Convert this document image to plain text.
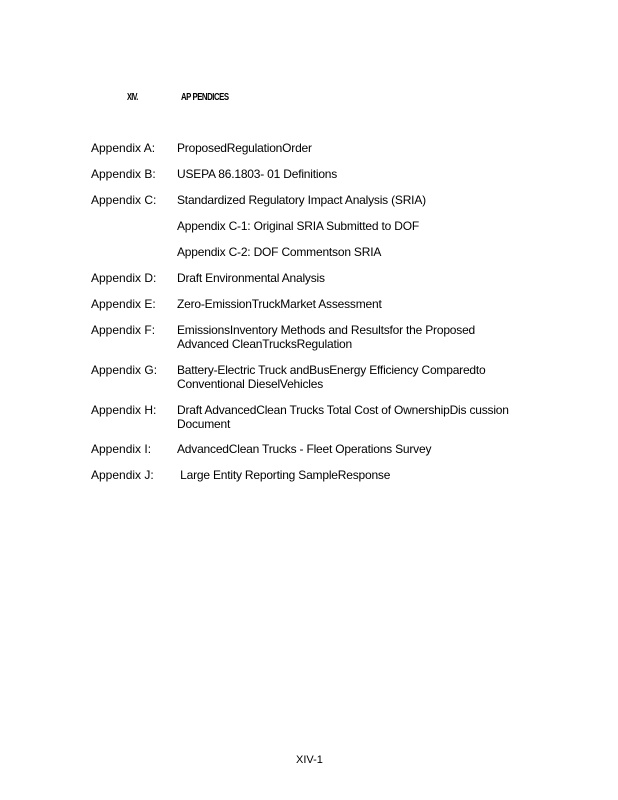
XIV.	AP PENDICES
Appendix A: ProposedRegulationOrder
Appendix B: USEPA 86.1803- 01 Definitions
Appendix C: Standardized Regulatory Impact Analysis (SRIA)
Appendix C-1: Original SRIA Submitted to DOF
Appendix C-2: DOF Commentson SRIA
Appendix D: Draft Environmental Analysis
Appendix E: Zero-EmissionTruckMarket Assessment
Appendix F: EmissionsInventory Methods and Resultsfor the Proposed
Advanced CleanTrucksRegulation
Appendix G: Battery-Electric Truck andBusEnergy Efficiency Comparedto
Conventional DieselVehicles
Appendix H: Draft AdvancedClean Trucks Total Cost of OwnershipDis cussion
Document
Appendix I: AdvancedClean Trucks - Fleet Operations Survey
Appendix J: Large Entity Reporting SampleResponse
XIV-1
